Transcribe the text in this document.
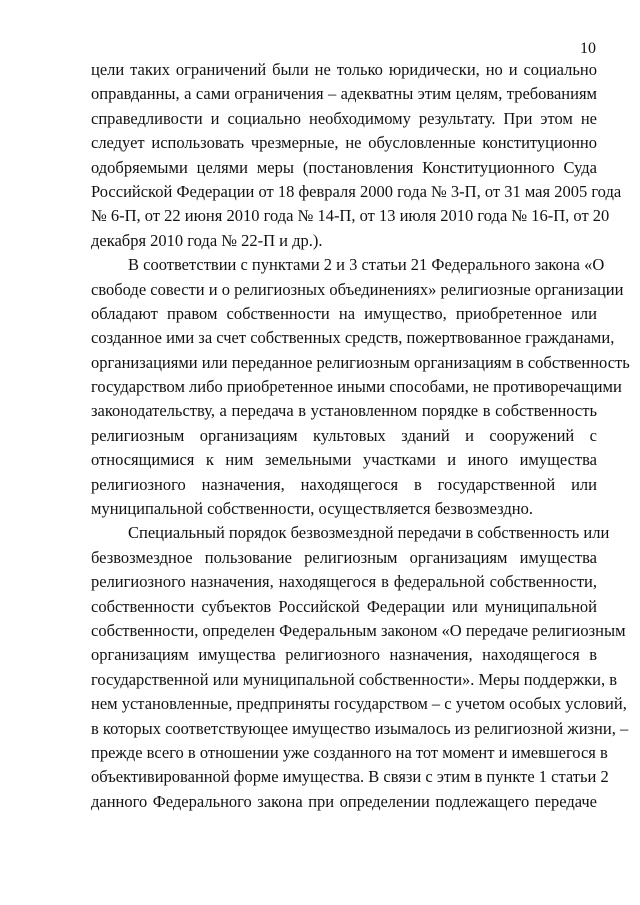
10

цели таких ограничений были не только юридически, но и социально
оправданны, а сами ограничения – адекватны этим целям, требованиям
справедливости и социально необходимому результату. При этом не
следует использовать чрезмерные, не обусловленные конституционно
одобряемыми целями меры (постановления Конституционного Суда
Российской Федерации от 18 февраля 2000 года № 3-П, от 31 мая 2005 года
№ 6-П, от 22 июня 2010 года № 14-П, от 13 июля 2010 года № 16-П, от 20
декабря 2010 года № 22-П и др.).

В соответствии с пунктами 2 и 3 статьи 21 Федерального закона «О
свободе совести и о религиозных объединениях» религиозные организации
обладают правом собственности на имущество, приобретенное или
созданное ими за счет собственных средств, пожертвованное гражданами,
организациями или переданное религиозным организациям в собственность
государством либо приобретенное иными способами, не противоречащими
законодательству, а передача в установленном порядке в собственность
религиозным организациям культовых зданий и сооружений с
относящимися к ним земельными участками и иного имущества
религиозного назначения, находящегося в государственной или
муниципальной собственности, осуществляется безвозмездно.

Специальный порядок безвозмездной передачи в собственность или
безвозмездное пользование религиозным организациям имущества
религиозного назначения, находящегося в федеральной собственности,
собственности субъектов Российской Федерации или муниципальной
собственности, определен Федеральным законом «О передаче религиозным
организациям имущества религиозного назначения, находящегося в
государственной или муниципальной собственности». Меры поддержки, в
нем установленные, предприняты государством – с учетом особых условий,
в которых соответствующее имущество изымалось из религиозной жизни, –
прежде всего в отношении уже созданного на тот момент и имевшегося в
объективированной форме имущества. В связи с этим в пункте 1 статьи 2
данного Федерального закона при определении подлежащего передаче
